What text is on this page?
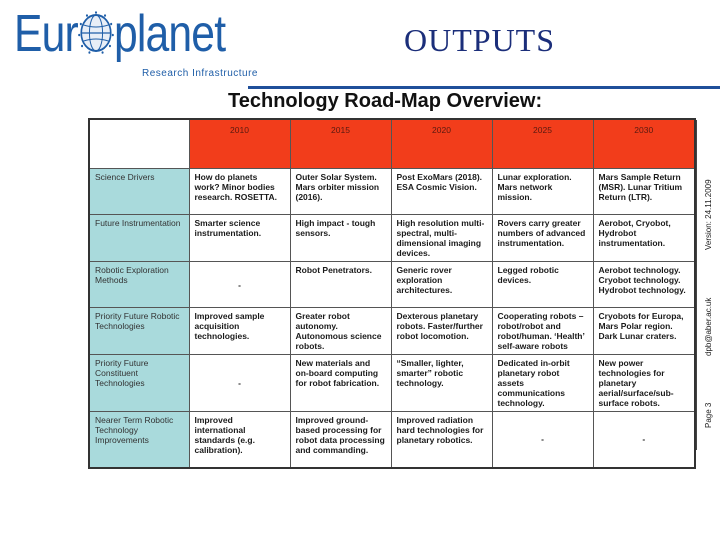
Eur planet
Research Infrastructure
OUTPUTS
Technology Road-Map Overview:
	2010	2015	2020	2025	2030
Science Drivers	How do planets work? Minor bodies research. ROSETTA.	Outer Solar System. Mars orbiter mission (2016).	Post ExoMars (2018). ESA Cosmic Vision.	Lunar exploration. Mars network mission.	Mars Sample Return (MSR). Lunar Tritium Return (LTR).
Future Instrumentation	Smarter science instrumentation.	High impact - tough sensors.	High resolution multi-spectral, multi-dimensional imaging devices.	Rovers carry greater numbers of advanced instrumentation.	Aerobot, Cryobot, Hydrobot instrumentation.
Robotic Exploration Methods	-	Robot Penetrators.	Generic rover exploration architectures.	Legged robotic devices.	Aerobot technology. Cryobot technology. Hydrobot technology.
Priority Future Robotic Technologies	Improved sample acquisition technologies.	Greater robot autonomy. Autonomous science robots.	Dexterous planetary robots. Faster/further robot locomotion.	Cooperating robots – robot/robot and robot/human. ‘Health’ self-aware robots	Cryobots for Europa, Mars Polar region. Dark Lunar craters.
Priority Future Constituent Technologies	-	New materials and on-board computing for robot fabrication.	“Smaller, lighter, smarter” robotic technology.	Dedicated in-orbit planetary robot assets communications technology.	New power technologies for planetary aerial/surface/sub-surface robots.
Nearer Term Robotic Technology Improvements	Improved international standards (e.g. calibration).	Improved ground-based processing for robot data processing and commanding.	Improved radiation hard technologies for planetary robotics.	-	-
Version: 24.11.2009
dpb@aber.ac.uk
Page 3
